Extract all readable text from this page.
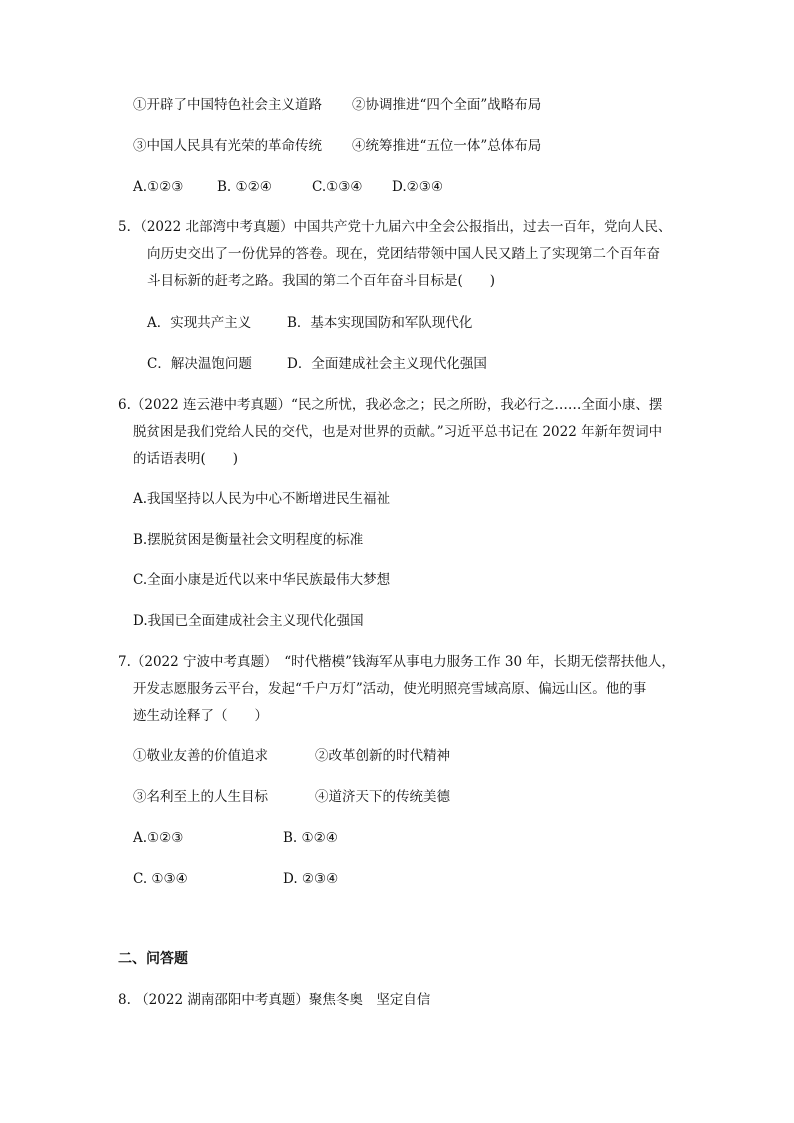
①开辟了中国特色社会主义道路 ②协调推进“四个全面”战略布局
③中国人民具有光荣的革命传统 ④统筹推进“五位一体”总体布局
A.①②③ B. ①②④	C.①③④ D.②③④
5．（2022 北部湾中考真题）中国共产党十九届六中全会公报指出，过去一百年，党向人民、
向历史交出了一份优异的答卷。现在，党团结带领中国人民又踏上了实现第二个百年奋
斗目标新的赶考之路。我国的第二个百年奋斗目标是(　　)
A．实现共产主义	B．基本实现国防和军队现代化
C．解决温饱问题	D．全面建成社会主义现代化强国
6.（2022 连云港中考真题）“民之所忧，我必念之；民之所盼，我必行之……全面小康、摆
脱贫困是我们党给人民的交代，也是对世界的贡献。”习近平总书记在 2022 年新年贺词中
的话语表明(　　)
A.我国坚持以人民为中心不断增进民生福祉
B.摆脱贫困是衡量社会文明程度的标准
C.全面小康是近代以来中华民族最伟大梦想
D.我国已全面建成社会主义现代化强国
7.（2022 宁波中考真题）　“时代楷模”钱海军从事电力服务工作 30 年，长期无偿帮扶他人，
开发志愿服务云平台，发起“千户万灯”活动，使光明照亮雪域高原、偏远山区。他的事
迹生动诠释了（　　）
①敬业友善的价值追求	②改革创新的时代精神
③名利至上的人生目标	④道济天下的传统美德
A.①②③	B. ①②④
C. ①③④	D. ②③④
二、问答题
8. （2022 湖南邵阳中考真题）聚焦冬奥　坚定自信
